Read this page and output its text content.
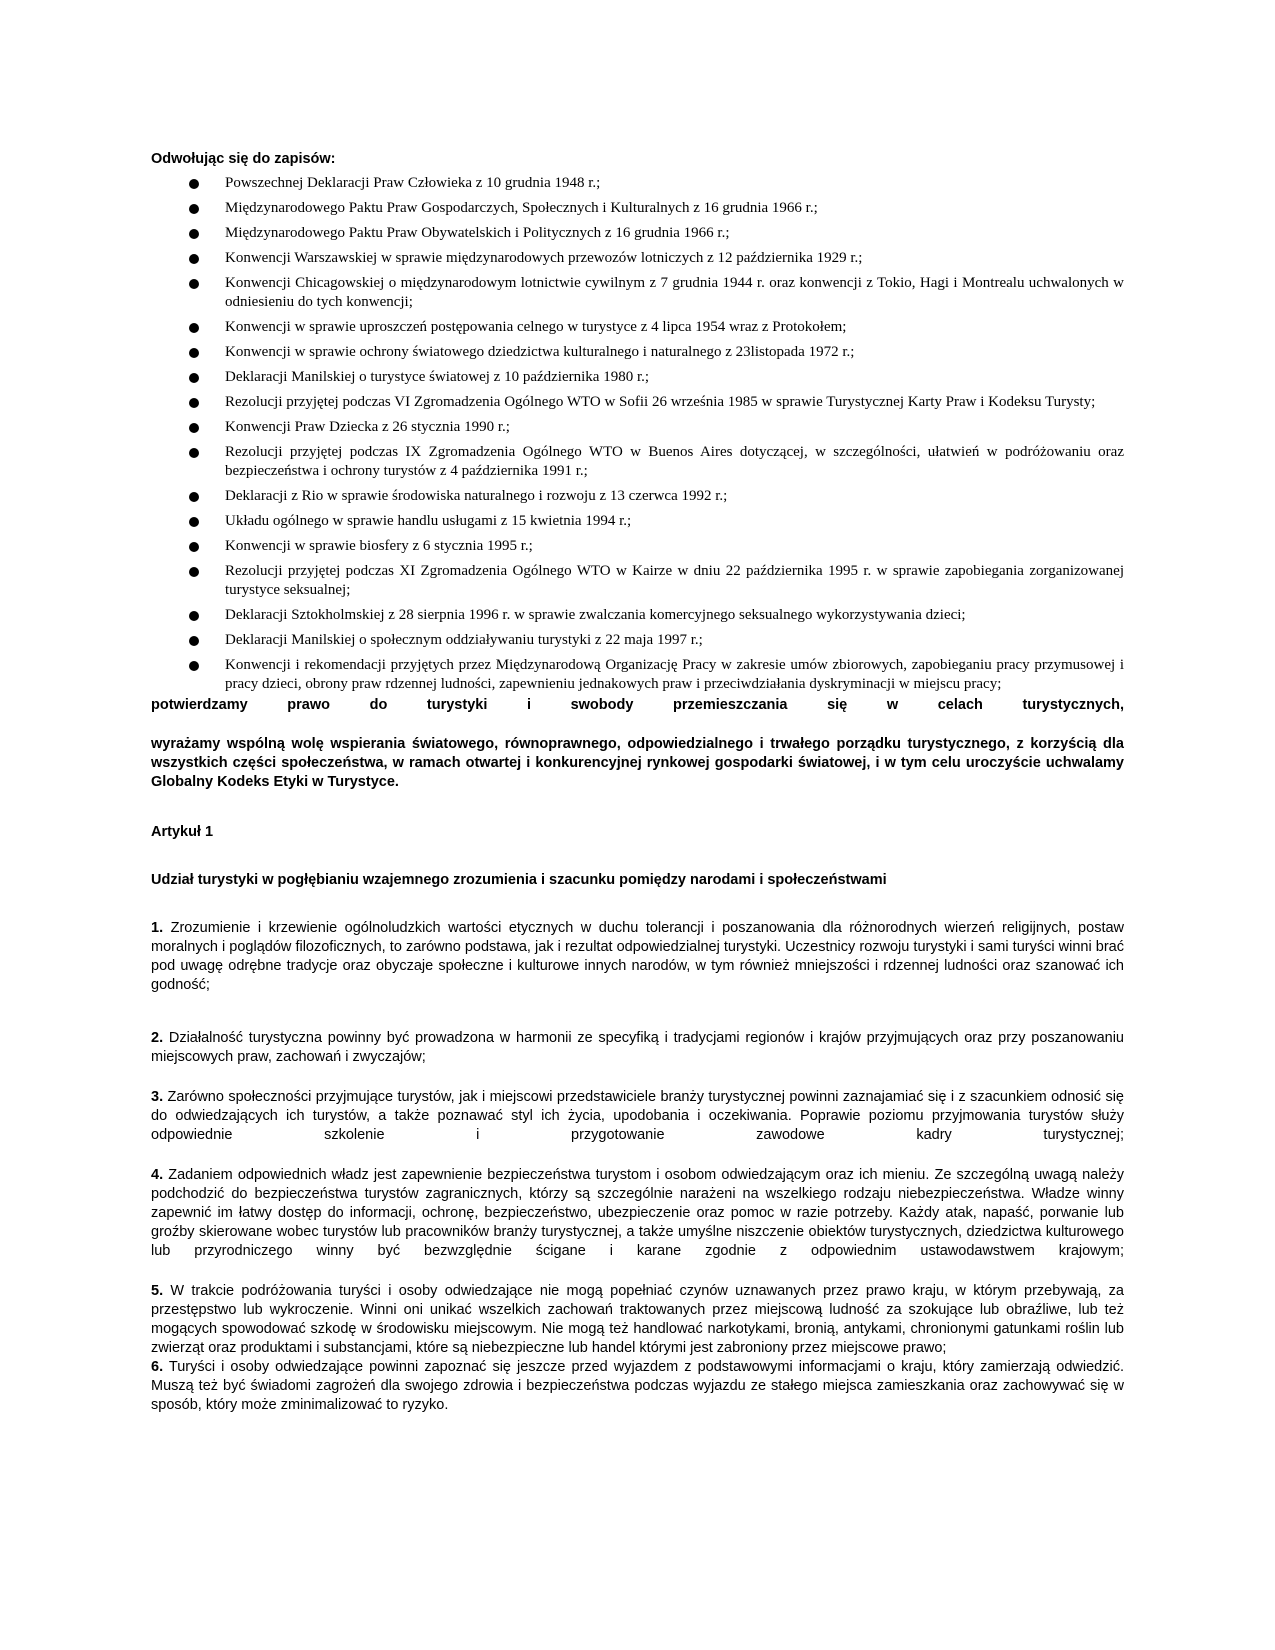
Odwołując się do zapisów:
Powszechnej Deklaracji Praw Człowieka z 10 grudnia 1948 r.;
Międzynarodowego Paktu Praw Gospodarczych, Społecznych i Kulturalnych z 16 grudnia 1966 r.;
Międzynarodowego Paktu Praw Obywatelskich i Politycznych z 16 grudnia 1966 r.;
Konwencji Warszawskiej w sprawie międzynarodowych przewozów lotniczych z 12 października 1929 r.;
Konwencji Chicagowskiej o międzynarodowym lotnictwie cywilnym z 7 grudnia 1944 r. oraz konwencji z Tokio, Hagi i Montrealu uchwalonych w odniesieniu do tych konwencji;
Konwencji w sprawie uproszczeń postępowania celnego w turystyce z 4 lipca 1954 wraz z Protokołem;
Konwencji w sprawie ochrony światowego dziedzictwa kulturalnego i naturalnego z 23listopada 1972 r.;
Deklaracji Manilskiej o turystyce światowej z 10 października 1980 r.;
Rezolucji przyjętej podczas VI Zgromadzenia Ogólnego WTO w Sofii 26 września 1985 w sprawie Turystycznej Karty Praw i Kodeksu Turysty;
Konwencji Praw Dziecka z 26 stycznia 1990 r.;
Rezolucji przyjętej podczas IX Zgromadzenia Ogólnego WTO w Buenos Aires dotyczącej, w szczególności, ułatwień w podróżowaniu oraz bezpieczeństwa i ochrony turystów z 4 października 1991 r.;
Deklaracji z Rio w sprawie środowiska naturalnego i rozwoju z 13 czerwca 1992 r.;
Układu ogólnego w sprawie handlu usługami z 15 kwietnia 1994 r.;
Konwencji w sprawie biosfery z 6 stycznia 1995 r.;
Rezolucji przyjętej podczas XI Zgromadzenia Ogólnego WTO w Kairze w dniu 22 października 1995 r. w sprawie zapobiegania zorganizowanej turystyce seksualnej;
Deklaracji Sztokholmskiej z 28 sierpnia 1996 r. w sprawie zwalczania komercyjnego seksualnego wykorzystywania dzieci;
Deklaracji Manilskiej o społecznym oddziaływaniu turystyki z 22 maja 1997 r.;
Konwencji i rekomendacji przyjętych przez Międzynarodową Organizację Pracy w zakresie umów zbiorowych, zapobieganiu pracy przymusowej i pracy dzieci, obrony praw rdzennej ludności, zapewnieniu jednakowych praw i przeciwdziałania dyskryminacji w miejscu pracy;
potwierdzamy prawo do turystyki i swobody przemieszczania się w celach turystycznych,
wyrażamy wspólną wolę wspierania światowego, równoprawnego, odpowiedzialnego i trwałego porządku turystycznego, z korzyścią dla wszystkich części społeczeństwa, w ramach otwartej i konkurencyjnej rynkowej gospodarki światowej, i w tym celu uroczyście uchwalamy Globalny Kodeks Etyki w Turystyce.
Artykuł 1
Udział turystyki w pogłębianiu wzajemnego zrozumienia i szacunku pomiędzy narodami i społeczeństwami
1. Zrozumienie i krzewienie ogólnoludzkich wartości etycznych w duchu tolerancji i poszanowania dla różnorodnych wierzeń religijnych, postaw moralnych i poglądów filozoficznych, to zarówno podstawa, jak i rezultat odpowiedzialnej turystyki. Uczestnicy rozwoju turystyki i sami turyści winni brać pod uwagę odrębne tradycje oraz obyczaje społeczne i kulturowe innych narodów, w tym również mniejszości i rdzennej ludności oraz szanować ich godność;
2. Działalność turystyczna powinny być prowadzona w harmonii ze specyfiką i tradycjami regionów i krajów przyjmujących oraz przy poszanowaniu miejscowych praw, zachowań i zwyczajów;
3. Zarówno społeczności przyjmujące turystów, jak i miejscowi przedstawiciele branży turystycznej powinni zaznajamiać się i z szacunkiem odnosić się do odwiedzających ich turystów, a także poznawać styl ich życia, upodobania i oczekiwania. Poprawie poziomu przyjmowania turystów służy odpowiednie szkolenie i przygotowanie zawodowe kadry turystycznej;
4. Zadaniem odpowiednich władz jest zapewnienie bezpieczeństwa turystom i osobom odwiedzającym oraz ich mieniu. Ze szczególną uwagą należy podchodzić do bezpieczeństwa turystów zagranicznych, którzy są szczególnie narażeni na wszelkiego rodzaju niebezpieczeństwa. Władze winny zapewnić im łatwy dostęp do informacji, ochronę, bezpieczeństwo, ubezpieczenie oraz pomoc w razie potrzeby. Każdy atak, napaść, porwanie lub groźby skierowane wobec turystów lub pracowników branży turystycznej, a także umyślne niszczenie obiektów turystycznych, dziedzictwa kulturowego lub przyrodniczego winny być bezwzględnie ścigane i karane zgodnie z odpowiednim ustawodawstwem krajowym;
5. W trakcie podróżowania turyści i osoby odwiedzające nie mogą popełniać czynów uznawanych przez prawo kraju, w którym przebywają, za przestępstwo lub wykroczenie. Winni oni unikać wszelkich zachowań traktowanych przez miejscową ludność za szokujące lub obraźliwe, lub też mogących spowodować szkodę w środowisku miejscowym. Nie mogą też handlować narkotykami, bronią, antykami, chronionymi gatunkami roślin lub zwierząt oraz produktami i substancjami, które są niebezpieczne lub handel którymi jest zabroniony przez miejscowe prawo;
6. Turyści i osoby odwiedzające powinni zapoznać się jeszcze przed wyjazdem z podstawowymi informacjami o kraju, który zamierzają odwiedzić. Muszą też być świadomi zagrożeń dla swojego zdrowia i bezpieczeństwa podczas wyjazdu ze stałego miejsca zamieszkania oraz zachowywać się w sposób, który może zminimalizować to ryzyko.
